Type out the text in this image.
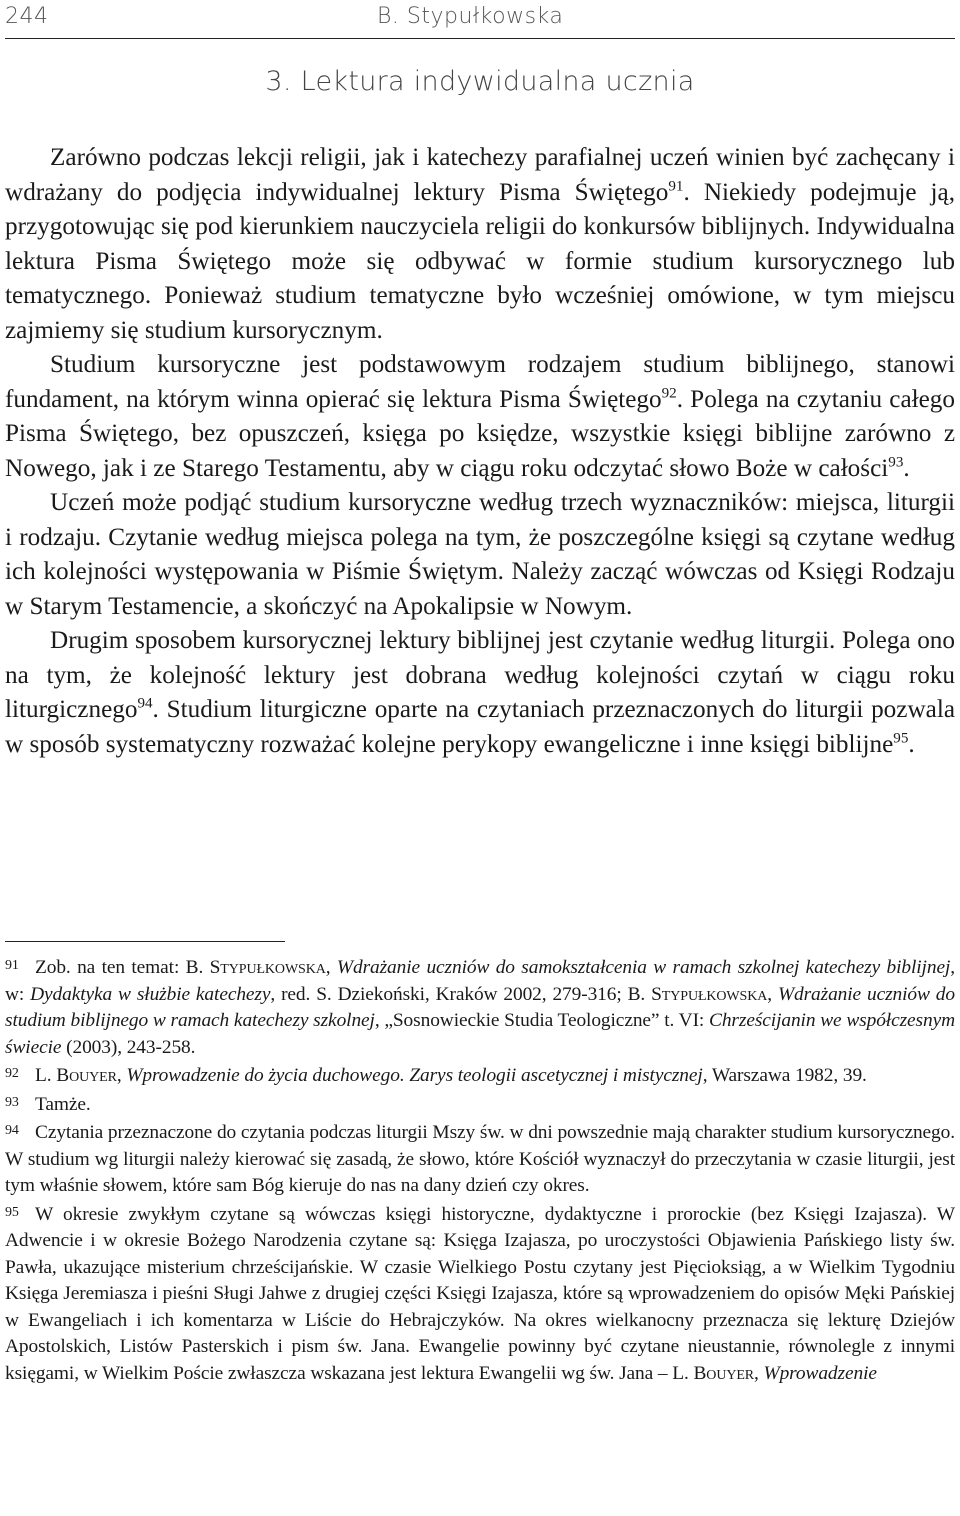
244	B. Stypułkowska
3. Lektura indywidualna ucznia

Zarówno podczas lekcji religii, jak i katechezy parafialnej uczeń winien być zachęcany i wdrażany do podjęcia indywidualnej lektury Pisma Świętego$^{91}$. Niekiedy podejmuje ją, przygotowując się pod kierunkiem nauczyciela religii do konkursów biblijnych. Indywidualna lektura Pisma Świętego może się odbywać w formie studium kursorycznego lub tematycznego. Ponieważ studium tematyczne było wcześniej omówione, w tym miejscu zajmiemy się studium kursorycznym.

Studium kursoryczne jest podstawowym rodzajem studium biblijnego, stanowi fundament, na którym winna opierać się lektura Pisma Świętego$^{92}$. Polega na czytaniu całego Pisma Świętego, bez opuszczeń, księga po księdze, wszystkie księgi biblijne zarówno z Nowego, jak i ze Starego Testamentu, aby w ciągu roku odczytać słowo Boże w całości$^{93}$.

Uczeń może podjąć studium kursoryczne według trzech wyznaczników: miejsca, liturgii i rodzaju. Czytanie według miejsca polega na tym, że poszczególne księgi są czytane według ich kolejności występowania w Piśmie Świętym. Należy zacząć wówczas od Księgi Rodzaju w Starym Testamencie, a skończyć na Apokalipsie w Nowym.

Drugim sposobem kursorycznej lektury biblijnej jest czytanie według liturgii. Polega ono na tym, że kolejność lektury jest dobrana według kolejności czytań w ciągu roku liturgicznego$^{94}$. Studium liturgiczne oparte na czytaniach przeznaczonych do liturgii pozwala w sposób systematyczny rozważać kolejne perykopy ewangeliczne i inne księgi biblijne$^{95}$.

91 Zob. na ten temat: B. Stypułkowska, Wdrażanie uczniów do samokształcenia w ramach szkolnej katechezy biblijnej, w: Dydaktyka w służbie katechezy, red. S. Dziekoński, Kraków 2002, 279-316; B. Stypułkowska, Wdrażanie uczniów do studium biblijnego w ramach katechezy szkolnej, „Sosnowieckie Studia Teologiczne” t. VI: Chrześcijanin we współczesnym świecie (2003), 243-258.

92 L. Bouyer, Wprowadzenie do życia duchowego. Zarys teologii ascetycznej i mistycznej, Warszawa 1982, 39.

93 Tamże.

94 Czytania przeznaczone do czytania podczas liturgii Mszy św. w dni powszednie mają charakter studium kursorycznego. W studium wg liturgii należy kierować się zasadą, że słowo, które Kościół wyznaczył do przeczytania w czasie liturgii, jest tym właśnie słowem, które sam Bóg kieruje do nas na dany dzień czy okres.

95 W okresie zwykłym czytane są wówczas księgi historyczne, dydaktyczne i prorockie (bez Księgi Izajasza). W Adwencie i w okresie Bożego Narodzenia czytane są: Księga Izajasza, po uroczystości Objawienia Pańskiego listy św. Pawła, ukazujące misterium chrześcijańskie. W czasie Wielkiego Postu czytany jest Pięcioksiąg, a w Wielkim Tygodniu Księga Jeremiasza i pieśni Sługi Jahwe z drugiej części Księgi Izajasza, które są wprowadzeniem do opisów Męki Pańskiej w Ewangeliach i ich komentarza w Liście do Hebrajczyków. Na okres wielkanocny przeznacza się lekturę Dziejów Apostolskich, Listów Pasterskich i pism św. Jana. Ewangelie powinny być czytane nieustannie, równolegle z innymi księgami, w Wielkim Poście zwłaszcza wskazana jest lektura Ewangelii wg św. Jana – L. Bouyer, Wprowadzenie
